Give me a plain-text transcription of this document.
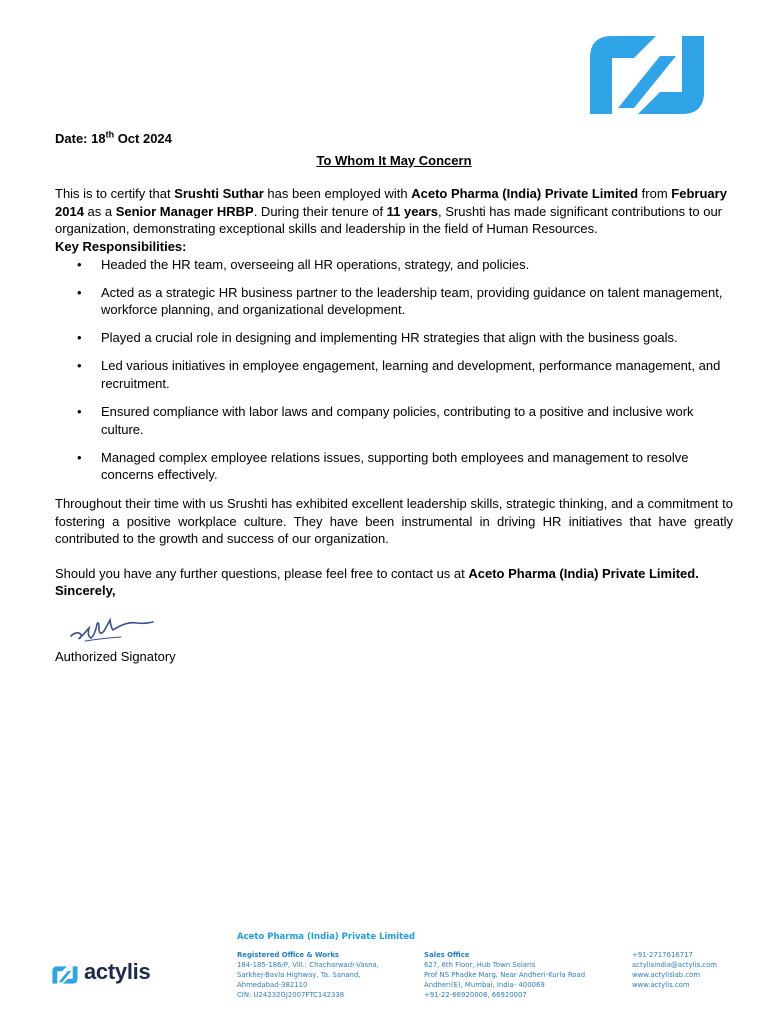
Date: 18th Oct 2024

To Whom It May Concern

This is to certify that Srushti Suthar has been employed with Aceto Pharma (India) Private Limited from February 2014 as a Senior Manager HRBP. During their tenure of 11 years, Srushti has made significant contributions to our organization, demonstrating exceptional skills and leadership in the field of Human Resources.

Key Responsibilities:

• Headed the HR team, overseeing all HR operations, strategy, and policies.
• Acted as a strategic HR business partner to the leadership team, providing guidance on talent management, workforce planning, and organizational development.
• Played a crucial role in designing and implementing HR strategies that align with the business goals.
• Led various initiatives in employee engagement, learning and development, performance management, and recruitment.
• Ensured compliance with labor laws and company policies, contributing to a positive and inclusive work culture.
• Managed complex employee relations issues, supporting both employees and management to resolve concerns effectively.

Throughout their time with us Srushti has exhibited excellent leadership skills, strategic thinking, and a commitment to fostering a positive workplace culture. They have been instrumental in driving HR initiatives that have greatly contributed to the growth and success of our organization.

Should you have any further questions, please feel free to contact us at Aceto Pharma (India) Private Limited.

Sincerely,

Authorized Signatory

actylis
Aceto Pharma (India) Private Limited
Registered Office & Works
184-185-186/P, Vill.: Chacharwadi-Vasna,
Sarkhej-Bavla Highway, Ta. Sanand,
Ahmedabad-382110
CIN: U24232GJ2007FTC142338
Sales Office
627, 6th Floor, Hub Town Solaris
Prof NS Phadke Marg, Near Andheri-Kurla Road
Andheri(E), Mumbai, India- 400069
+91-22-66920008, 66920007
+91-2717616717
actylisindia@actylis.com
www.actylislab.com
www.actylis.com
